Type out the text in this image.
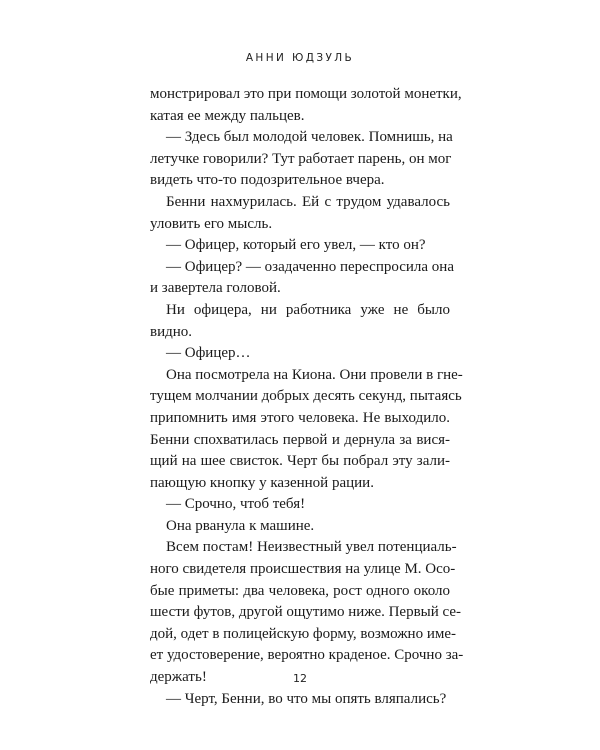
АННИ ЮДЗУЛЬ
монстрировал это при помощи золотой монетки,
катая ее между пальцев.
— Здесь был молодой человек. Помнишь, на
летучке говорили? Тут работает парень, он мог
видеть что-то подозрительное вчера.
Бенни нахмурилась. Ей с трудом удавалось
уловить его мысль.
— Офицер, который его увел, — кто он?
— Офицер? — озадаченно переспросила она
и завертела головой.
Ни офицера, ни работника уже не было
видно.
— Офицер…
Она посмотрела на Киона. Они провели в гне-
тущем молчании добрых десять секунд, пытаясь
припомнить имя этого человека. Не выходило.
Бенни спохватилась первой и дернула за вися-
щий на шее свисток. Черт бы побрал эту зали-
пающую кнопку у казенной рации.
— Срочно, чтоб тебя!
Она рванула к машине.
Всем постам! Неизвестный увел потенциаль-
ного свидетеля происшествия на улице М. Осо-
бые приметы: два человека, рост одного около
шести футов, другой ощутимо ниже. Первый се-
дой, одет в полицейскую форму, возможно име-
ет удостоверение, вероятно краденое. Срочно за-
держать!
— Черт, Бенни, во что мы опять вляпались?
12
